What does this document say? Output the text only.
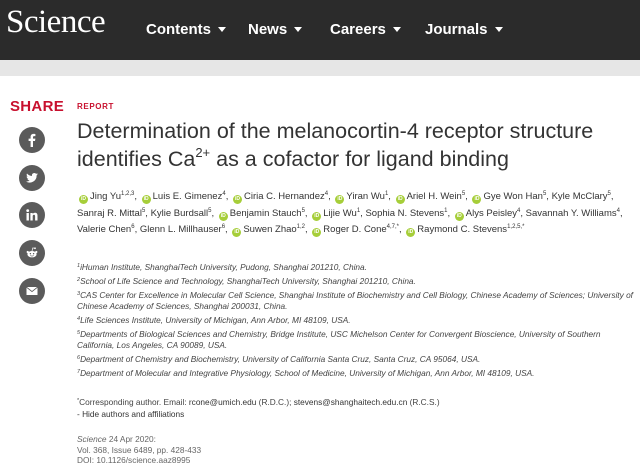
Science	Contents News	Careers	Journals
SHARE REPORT
Determination of the melanocortin-4 receptor structure
identifies $Ca^{2+}$ as a cofactor for ligand binding
iD Jing Yu$^{1,2,3}$, iD Luis E. Gimenez$^4$, iD Ciria C. Hernandez$^4$, iD Yiran Wu$^1$, iD Ariel H. Wein$^5$, iD Gye Won Han$^5$, Kyle McClary$^5$, Sanraj R. Mittal$^5$, Kylie Burdsall$^5$, iD Benjamin Stauch$^5$, iD Lijie Wu$^1$, Sophia N. Stevens$^1$, iD Alys Peisley$^4$, Savannah Y. Williams$^4$, Valerie Chen$^6$, Glenn L. Millhauser$^6$, iD Suwen Zhao$^{1,2}$, iD Roger D. Cone$^{4,7,*}$, iD Raymond C. Stevens$^{1,2,5,*}$
$^1$iHuman Institute, ShanghaiTech University, Pudong, Shanghai 201210, China.
$^2$School of Life Science and Technology, ShanghaiTech University, Shanghai 201210, China.
$^3$CAS Center for Excellence in Molecular Cell Science, Shanghai Institute of Biochemistry and Cell Biology, Chinese Academy of Sciences; University of Chinese Academy of Sciences, Shanghai 200031, China.
$^4$Life Sciences Institute, University of Michigan, Ann Arbor, MI 48109, USA.
$^5$Departments of Biological Sciences and Chemistry, Bridge Institute, USC Michelson Center for Convergent Bioscience, University of Southern California, Los Angeles, CA 90089, USA.
$^6$Department of Chemistry and Biochemistry, University of California Santa Cruz, Santa Cruz, CA 95064, USA.
$^7$Department of Molecular and Integrative Physiology, School of Medicine, University of Michigan, Ann Arbor, MI 48109, USA.
*Corresponding author. Email: rcone@umich.edu (R.D.C.); stevens@shanghaitech.edu.cn (R.C.S.)
- Hide authors and affiliations
Science 24 Apr 2020:
Vol. 368, Issue 6489, pp. 428-433
DOI: 10.1126/science.aaz8995
